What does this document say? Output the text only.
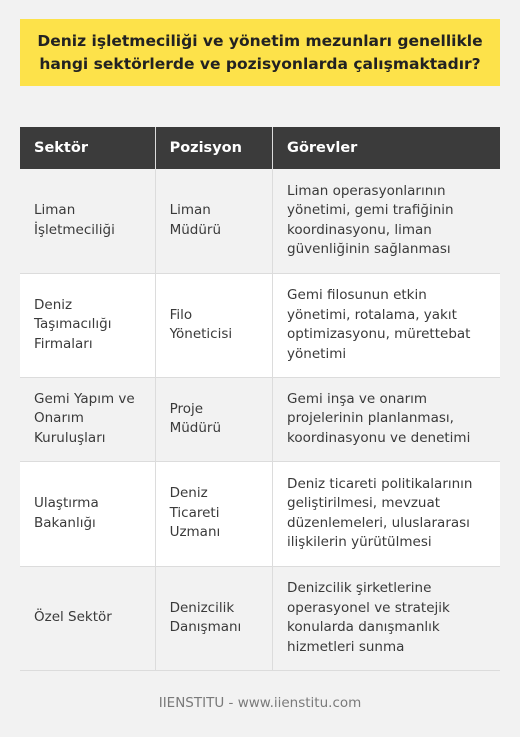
Deniz işletmeciliği ve yönetim mezunları genellikle hangi sektörlerde ve pozisyonlarda çalışmaktadır?
Sektör	Pozisyon	Görevler
Liman İşletmeciliği	Liman Müdürü	Liman operasyonlarının yönetimi, gemi trafiğinin koordinasyonu, liman güvenliğinin sağlanması
Deniz Taşımacılığı Firmaları	Filo Yöneticisi	Gemi filosunun etkin yönetimi, rotalama, yakıt optimizasyonu, mürettebat yönetimi
Gemi Yapım ve Onarım Kuruluşları	Proje Müdürü	Gemi inşa ve onarım projelerinin planlanması, koordinasyonu ve denetimi
Ulaştırma Bakanlığı	Deniz Ticareti Uzmanı	Deniz ticareti politikalarının geliştirilmesi, mevzuat düzenlemeleri, uluslararası ilişkilerin yürütülmesi
Özel Sektör	Denizcilik Danışmanı	Denizcilik şirketlerine operasyonel ve stratejik konularda danışmanlık hizmetleri sunma
IIENSTITU - www.iienstitu.com
